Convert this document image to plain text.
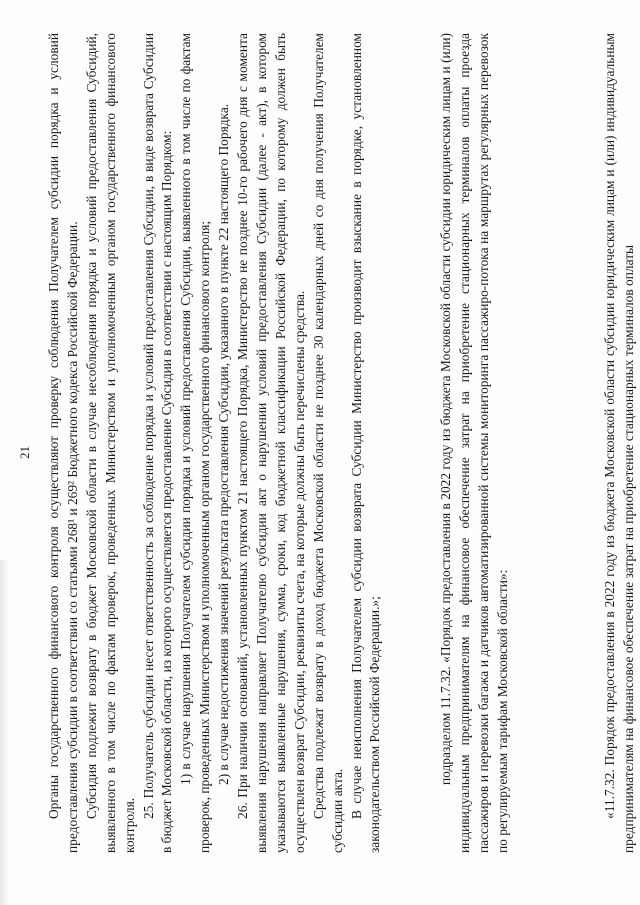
21 Органы государственного финансового контроля осуществляют проверку соблюдения Получателем субсидии порядка и условий предоставления субсидии в соответствии со статьями 268¹ и 269² Бюджетного кодекса Российской Федерации. Субсидия подлежит возврату в бюджет Московской области в случае несоблюдения порядка и условий предоставления Субсидий, выявленного в том числе по фактам проверок, проведенных Министерством и уполномоченным органом государственного финансового контроля.

25. Получатель субсидии несет ответственность за соблюдение порядка и условий предоставления Субсидии, в виде возврата Субсидии в бюджет Московской области, из которого осуществляется предоставление Субсидии в соответствии с настоящим Порядком: 1) в случае нарушения Получателем субсидии порядка и условий предоставления Субсидии, выявленного в том числе по фактам проверок, проведенных Министерством и уполномоченным органом государственного финансового контроля; 2) в случае недостижения значений результата предоставления Субсидии, указанного в пункте 22 настоящего Порядка. 26. При наличии оснований, установленных пунктом 21 настоящего Порядка, Министерство не позднее 10-го рабочего дня с момента выявления нарушения направляет Получателю субсидии акт о нарушении условий предоставления Субсидии (далее - акт), в котором указываются выявленные нарушения, сумма, сроки, код бюджетной классификации Российской Федерации, по которому должен быть осуществлен возврат Субсидии, реквизиты счета, на которые должны быть перечислены средства. Средства подлежат возврату в доход бюджета Московской области не позднее 30 календарных дней со дня получения Получателем субсидии акта. В случае неисполнения Получателем субсидии возврата Субсидии Министерство производит взыскание в порядке, установленном законодательством Российской Федерации.»;	подразделом 11.7.32. «Порядок предоставления в 2022 году из бюджета Московской области субсидии юридическим лицам и (или) индивидуальным предпринимателям на финансовое обеспечение затрат на приобретение стационарных терминалов оплаты проезда пассажиров и перевозки багажа и датчиков автоматизированной системы мониторинга пассажиро-потока на маршрутах регулярных перевозок по регулируемым тарифам Московской области»:	«11.7.32. Порядок предоставления в 2022 году из бюджета Московской области субсидии юридическим лицам и (или) индивидуальным предпринимателям на финансовое обеспечение затрат на приобретение стационарных терминалов оплаты
